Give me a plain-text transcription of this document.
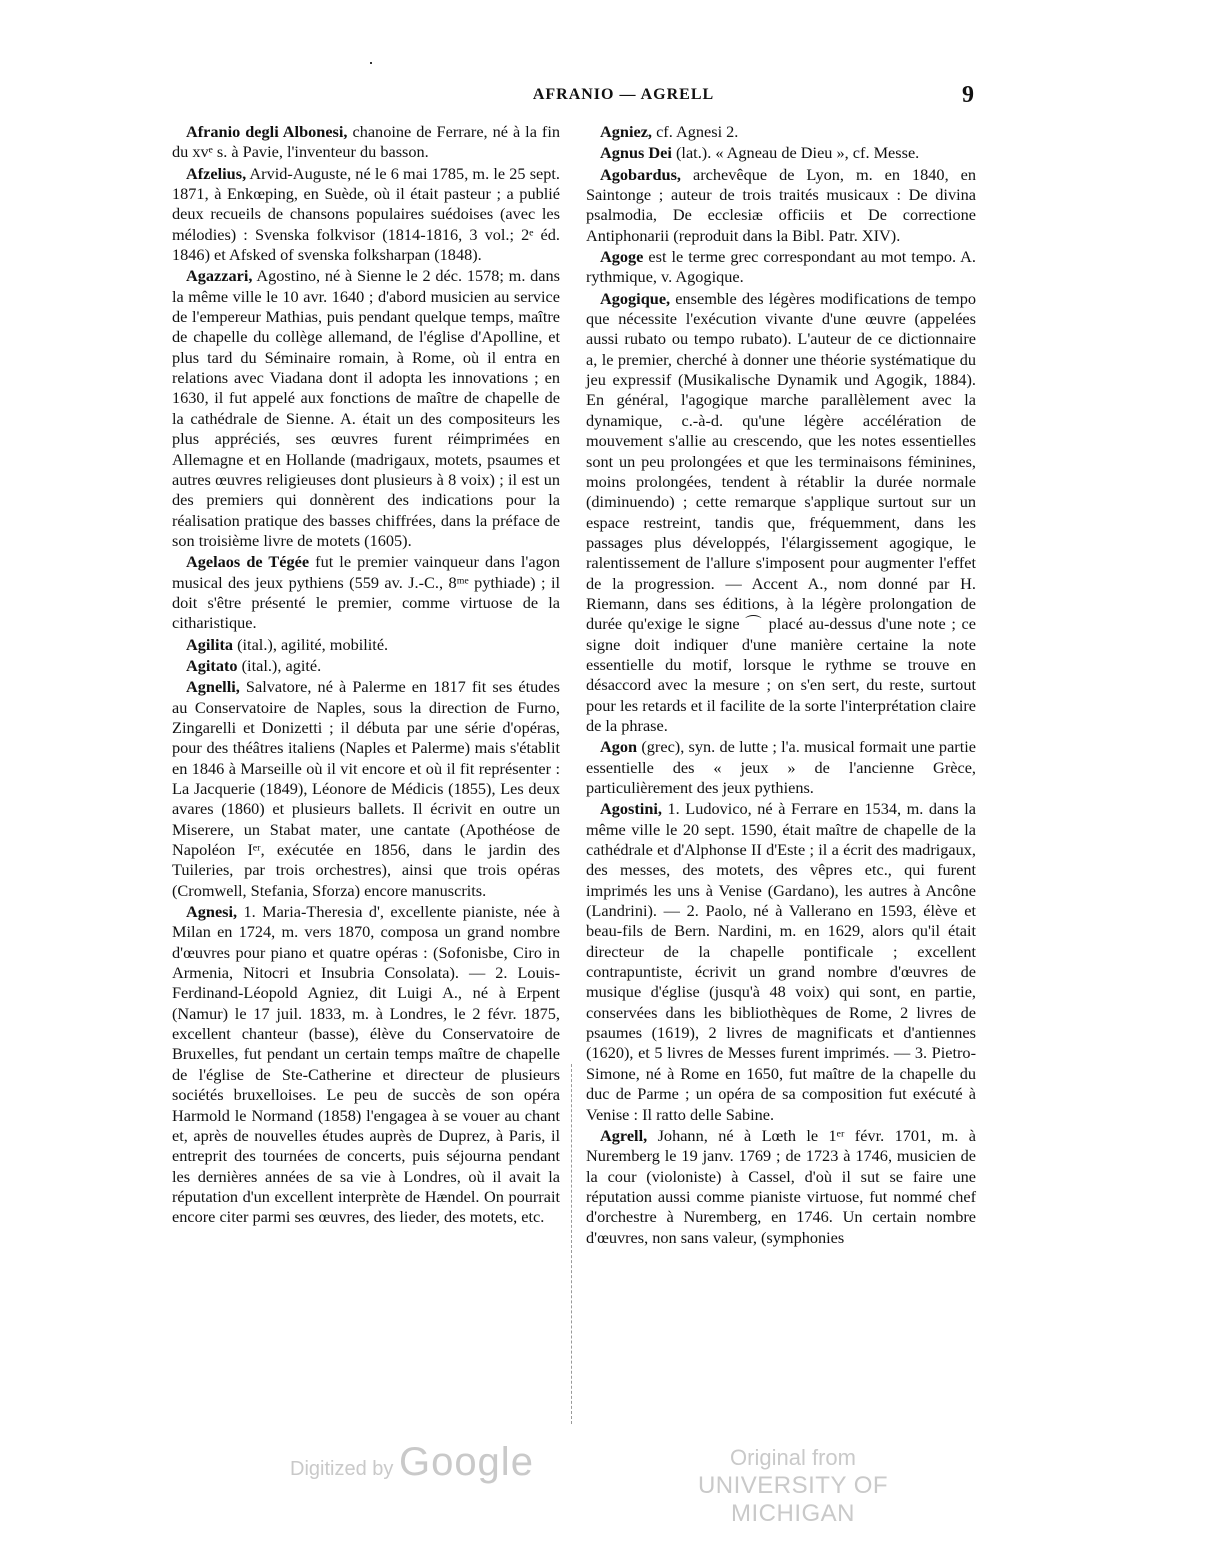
AFRANIO — AGRELL	9

Afranio degli Albonesi, chanoine de Ferrare, né à la fin du xvᵉ s. à Pavie, l'inventeur du basson.

Afzelius, Arvid-Auguste, né le 6 mai 1785, m. le 25 sept. 1871, à Enkœping, en Suède, où il était pasteur ; a publié deux recueils de chansons populaires suédoises (avec les mélodies) : Svenska folkvisor (1814-1816, 3 vol.; 2ᵉ éd. 1846) et Afsked of svenska folksharpan (1848).

Agazzari, Agostino, né à Sienne le 2 déc. 1578; m. dans la même ville le 10 avr. 1640 ; d'abord musicien au service de l'empereur Mathias, puis pendant quelque temps, maître de chapelle du collège allemand, de l'église d'Apolline, et plus tard du Séminaire romain, à Rome, où il entra en relations avec Viadana dont il adopta les innovations ; en 1630, il fut appelé aux fonctions de maître de chapelle de la cathédrale de Sienne. A. était un des compositeurs les plus appréciés, ses œuvres furent réimprimées en Allemagne et en Hollande (madrigaux, motets, psaumes et autres œuvres religieuses dont plusieurs à 8 voix) ; il est un des premiers qui donnèrent des indications pour la réalisation pratique des basses chiffrées, dans la préface de son troisième livre de motets (1605).

Agelaos de Tégée fut le premier vainqueur dans l'agon musical des jeux pythiens (559 av. J.-C., 8ᵐᵉ pythiade) ; il doit s'être présenté le premier, comme virtuose de la citharistique.

Agilita (ital.), agilité, mobilité.

Agitato (ital.), agité.

Agnelli, Salvatore, né à Palerme en 1817 fit ses études au Conservatoire de Naples, sous la direction de Furno, Zingarelli et Donizetti ; il débuta par une série d'opéras, pour des théâtres italiens (Naples et Palerme) mais s'établit en 1846 à Marseille où il vit encore et où il fit représenter : La Jacquerie (1849), Léonore de Médicis (1855), Les deux avares (1860) et plusieurs ballets. Il écrivit en outre un Miserere, un Stabat mater, une cantate (Apothéose de Napoléon Iᵉʳ, exécutée en 1856, dans le jardin des Tuileries, par trois orchestres), ainsi que trois opéras (Cromwell, Stefania, Sforza) encore manuscrits.

Agnesi, 1. Maria-Theresia d', excellente pianiste, née à Milan en 1724, m. vers 1870, composa un grand nombre d'œuvres pour piano et quatre opéras : (Sofonisbe, Ciro in Armenia, Nitocri et Insubria Consolata). — 2. Louis-Ferdinand-Léopold Agniez, dit Luigi A., né à Erpent (Namur) le 17 juil. 1833, m. à Londres, le 2 févr. 1875, excellent chanteur (basse), élève du Conservatoire de Bruxelles, fut pendant un certain temps maître de chapelle de l'église de Ste-Catherine et directeur de plusieurs sociétés bruxelloises. Le peu de succès de son opéra Harmold le Normand (1858) l'engagea à se vouer au chant et, après de nouvelles études auprès de Duprez, à Paris, il entreprit des tournées de concerts, puis séjourna pendant les dernières années de sa vie à Londres, où il avait la réputation d'un excellent interprète de Hændel. On pourrait encore citer parmi ses œuvres, des lieder, des motets, etc.

Agniez, cf. Agnesi 2.

Agnus Dei (lat.). « Agneau de Dieu », cf. Messe.

Agobardus, archevêque de Lyon, m. en 1840, en Saintonge ; auteur de trois traités musicaux : De divina psalmodia, De ecclesiæ officiis et De correctione Antiphonarii (reproduit dans la Bibl. Patr. XIV).

Agoge est le terme grec correspondant au mot tempo. A. rythmique, v. Agogique.

Agogique, ensemble des légères modifications de tempo que nécessite l'exécution vivante d'une œuvre (appelées aussi rubato ou tempo rubato). L'auteur de ce dictionnaire a, le premier, cherché à donner une théorie systématique du jeu expressif (Musikalische Dynamik und Agogik, 1884). En général, l'agogique marche parallèlement avec la dynamique, c.-à-d. qu'une légère accélération de mouvement s'allie au crescendo, que les notes essentielles sont un peu prolongées et que les terminaisons féminines, moins prolongées, tendent à rétablir la durée normale (diminuendo) ; cette remarque s'applique surtout sur un espace restreint, tandis que, fréquemment, dans les passages plus développés, l'élargissement agogique, le ralentissement de l'allure s'imposent pour augmenter l'effet de la progression. — Accent A., nom donné par H. Riemann, dans ses éditions, à la légère prolongation de durée qu'exige le signe ⌒ placé au-dessus d'une note ; ce signe doit indiquer d'une manière certaine la note essentielle du motif, lorsque le rythme se trouve en désaccord avec la mesure ; on s'en sert, du reste, surtout pour les retards et il facilite de la sorte l'interprétation claire de la phrase.

Agon (grec), syn. de lutte ; l'a. musical formait une partie essentielle des « jeux » de l'ancienne Grèce, particulièrement des jeux pythiens.

Agostini, 1. Ludovico, né à Ferrare en 1534, m. dans la même ville le 20 sept. 1590, était maître de chapelle de la cathédrale et d'Alphonse II d'Este ; il a écrit des madrigaux, des messes, des motets, des vêpres etc., qui furent imprimés les uns à Venise (Gardano), les autres à Ancône (Landrini). — 2. Paolo, né à Vallerano en 1593, élève et beau-fils de Bern. Nardini, m. en 1629, alors qu'il était directeur de la chapelle pontificale ; excellent contrapuntiste, écrivit un grand nombre d'œuvres de musique d'église (jusqu'à 48 voix) qui sont, en partie, conservées dans les bibliothèques de Rome, 2 livres de psaumes (1619), 2 livres de magnificats et d'antiennes (1620), et 5 livres de Messes furent imprimés. — 3. Pietro-Simone, né à Rome en 1650, fut maître de la chapelle du duc de Parme ; un opéra de sa composition fut exécuté à Venise : Il ratto delle Sabine.

Agrell, Johann, né à Lœth le 1ᵉʳ févr. 1701, m. à Nuremberg le 19 janv. 1769 ; de 1723 à 1746, musicien de la cour (violoniste) à Cassel, d'où il sut se faire une réputation aussi comme pianiste virtuose, fut nommé chef d'orchestre à Nuremberg, en 1746. Un certain nombre d'œuvres, non sans valeur, (symphonies

Digitized by Google	Original from
UNIVERSITY OF MICHIGAN
